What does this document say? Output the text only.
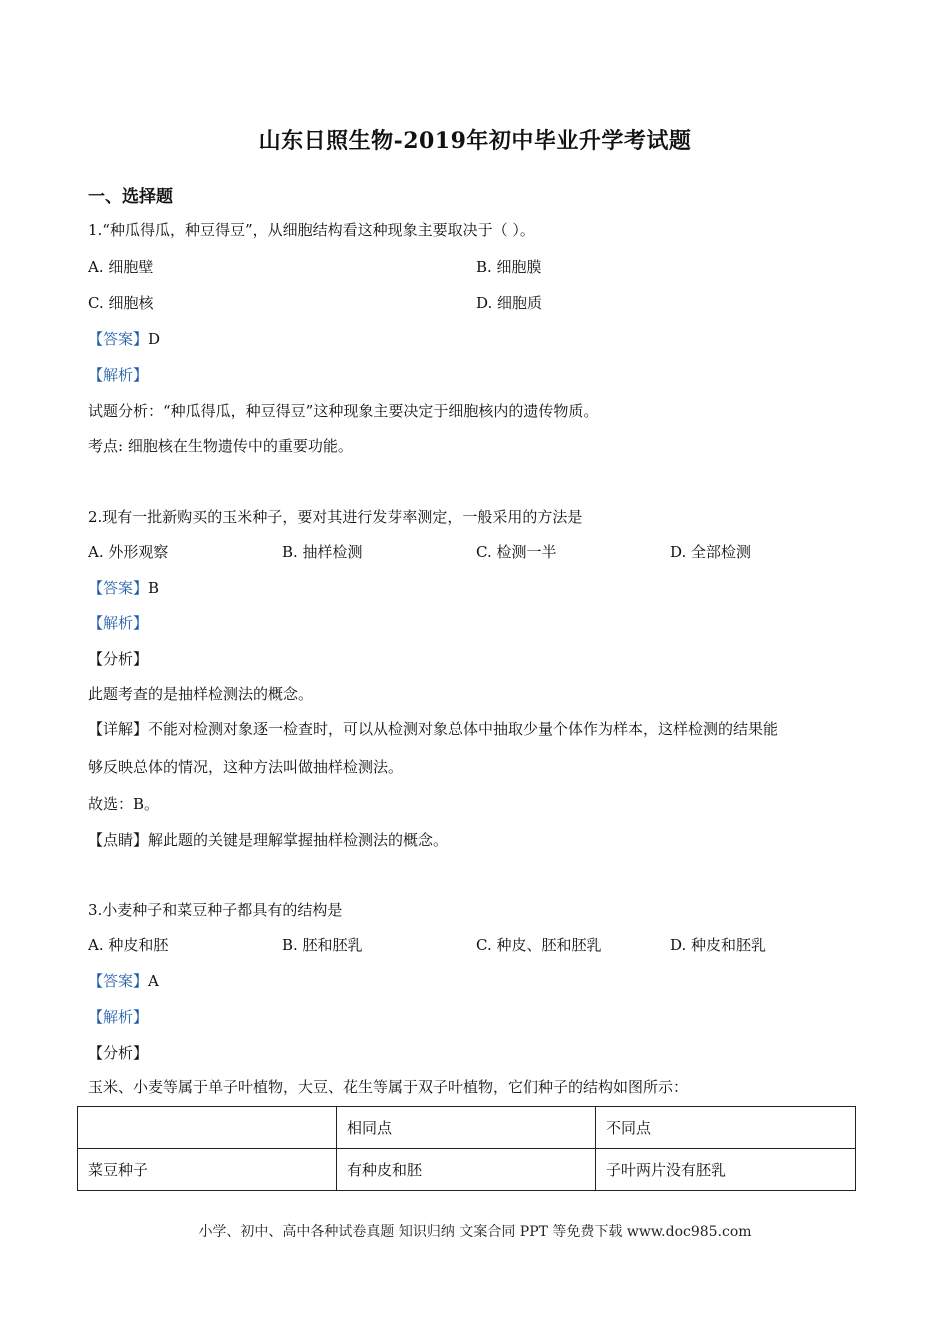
山东日照生物-2019年初中毕业升学考试题
一、选择题
1.“种瓜得瓜，种豆得豆”，从细胞结构看这种现象主要取决于（ ）。
A. 细胞壁	B. 细胞膜
C. 细胞核	D. 细胞质
【答案】D
【解析】
试题分析：“种瓜得瓜，种豆得豆”这种现象主要决定于细胞核内的遗传物质。
考点: 细胞核在生物遗传中的重要功能。
2.现有一批新购买的玉米种子，要对其进行发芽率测定，一般采用的方法是
A. 外形观察	B. 抽样检测	C. 检测一半	D. 全部检测
【答案】B
【解析】
【分析】
此题考查的是抽样检测法的概念。
【详解】不能对检测对象逐一检查时，可以从检测对象总体中抽取少量个体作为样本，这样检测的结果能
够反映总体的情况，这种方法叫做抽样检测法。
故选：B。
【点睛】解此题的关键是理解掌握抽样检测法的概念。
3.小麦种子和菜豆种子都具有的结构是
A. 种皮和胚	B. 胚和胚乳	C. 种皮、胚和胚乳	D. 种皮和胚乳
【答案】A
【解析】
【分析】
玉米、小麦等属于单子叶植物，大豆、花生等属于双子叶植物，它们种子的结构如图所示：
	相同点	不同点
菜豆种子	有种皮和胚	子叶两片没有胚乳
小学、初中、高中各种试卷真题 知识归纳 文案合同 PPT 等免费下载 www.doc985.com
